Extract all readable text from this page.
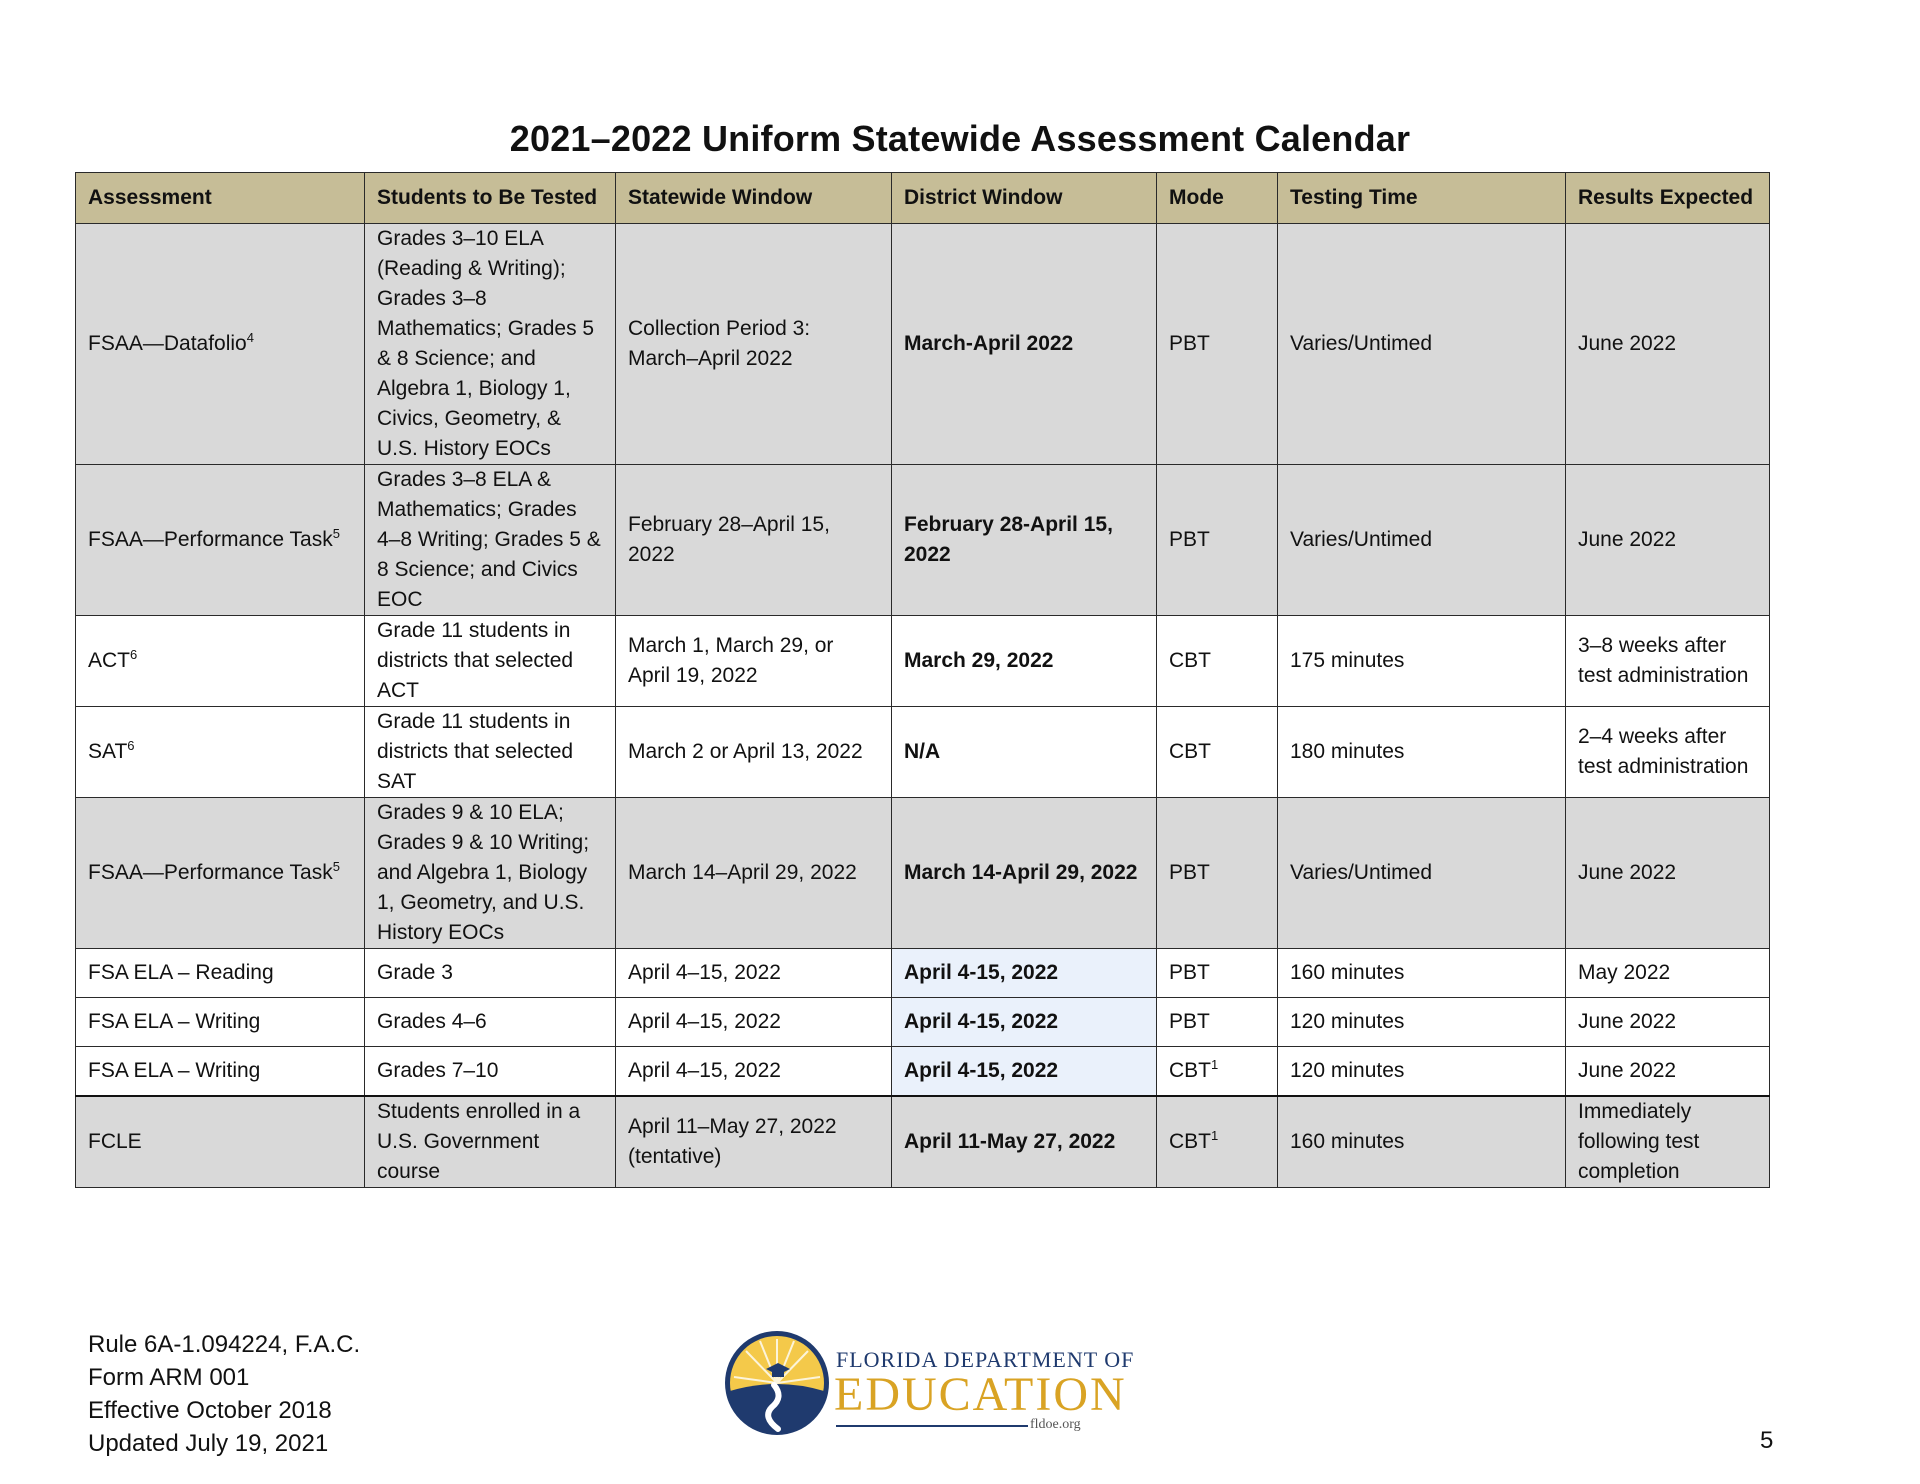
2021–2022 Uniform Statewide Assessment Calendar
Assessment	Students to Be Tested	Statewide Window	District Window	Mode	Testing Time	Results Expected
FSAA—Datafolio$^4$	Grades 3–10 ELA (Reading & Writing); Grades 3–8 Mathematics; Grades 5 & 8 Science; and Algebra 1, Biology 1, Civics, Geometry, & U.S. History EOCs	Collection Period 3: March–April 2022	March-April 2022	PBT	Varies/Untimed	June 2022
FSAA—Performance Task$^5$	Grades 3–8 ELA & Mathematics; Grades 4–8 Writing; Grades 5 & 8 Science; and Civics EOC	February 28–April 15, 2022	February 28-April 15, 2022	PBT	Varies/Untimed	June 2022
ACT$^6$	Grade 11 students in districts that selected ACT	March 1, March 29, or April 19, 2022	March 29, 2022	CBT	175 minutes	3–8 weeks after test administration
SAT$^6$	Grade 11 students in districts that selected SAT	March 2 or April 13, 2022	N/A	CBT	180 minutes	2–4 weeks after test administration
FSAA—Performance Task$^5$	Grades 9 & 10 ELA; Grades 9 & 10 Writing; and Algebra 1, Biology 1, Geometry, and U.S. History EOCs	March 14–April 29, 2022	March 14-April 29, 2022	PBT	Varies/Untimed	June 2022
FSA ELA – Reading	Grade 3	April 4–15, 2022	April 4-15, 2022	PBT	160 minutes	May 2022
FSA ELA – Writing	Grades 4–6	April 4–15, 2022	April 4-15, 2022	PBT	120 minutes	June 2022
FSA ELA – Writing	Grades 7–10	April 4–15, 2022	April 4-15, 2022	CBT$^1$	120 minutes	June 2022
FCLE	Students enrolled in a U.S. Government course	April 11–May 27, 2022 (tentative)	April 11-May 27, 2022	CBT$^1$	160 minutes	Immediately following test completion
Rule 6A-1.094224, F.A.C.
Form ARM 001
Effective October 2018
Updated July 19, 2021
FLORIDA DEPARTMENT OF
EDUCATION
fldoe.org
5
